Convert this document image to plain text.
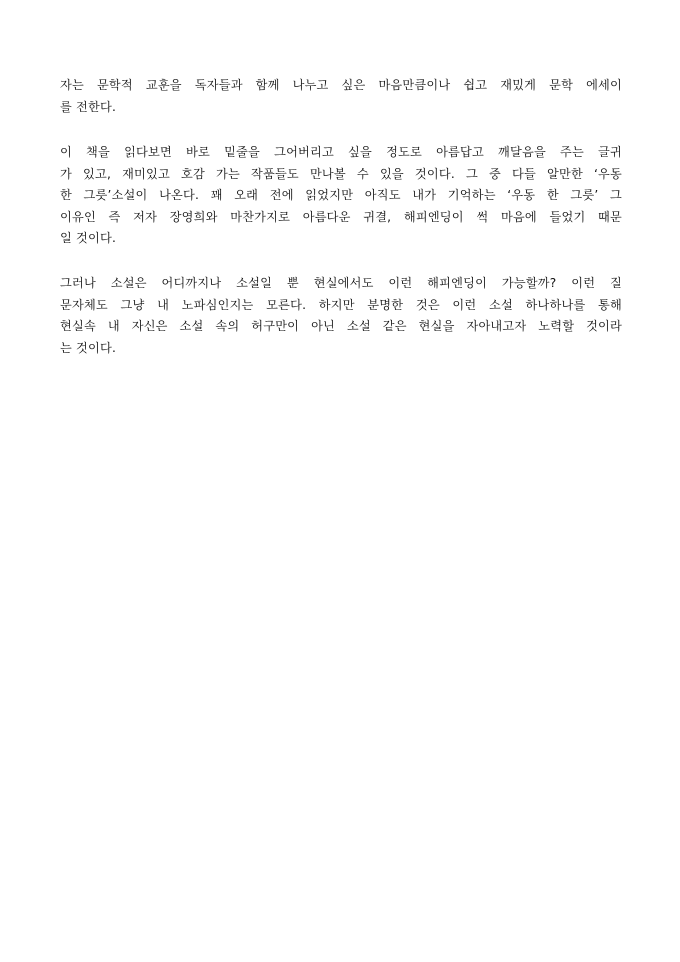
자는 문학적 교훈을 독자들과 함께 나누고 싶은 마음만큼이나 쉽고 재밌게 문학 에세이
를 전한다.
이 책을 읽다보면 바로 밑줄을 그어버리고 싶을 정도로 아름답고 깨달음을 주는 글귀
가 있고, 재미있고 호감 가는 작품들도 만나볼 수 있을 것이다. 그 중 다들 알만한 ‘우동
한 그릇’소설이 나온다. 꽤 오래 전에 읽었지만 아직도 내가 기억하는 ‘우동 한 그릇’ 그
이유인 즉 저자 장영희와 마찬가지로 아름다운 귀결, 해피엔딩이 썩 마음에 들었기 때문
일 것이다.
그러나 소설은 어디까지나 소설일 뿐 현실에서도 이런 해피엔딩이 가능할까? 이런 질
문자체도 그냥 내 노파심인지는 모른다. 하지만 분명한 것은 이런 소설 하나하나를 통해
현실속 내 자신은 소설 속의 허구만이 아닌 소설 같은 현실을 자아내고자 노력할 것이라
는 것이다.
